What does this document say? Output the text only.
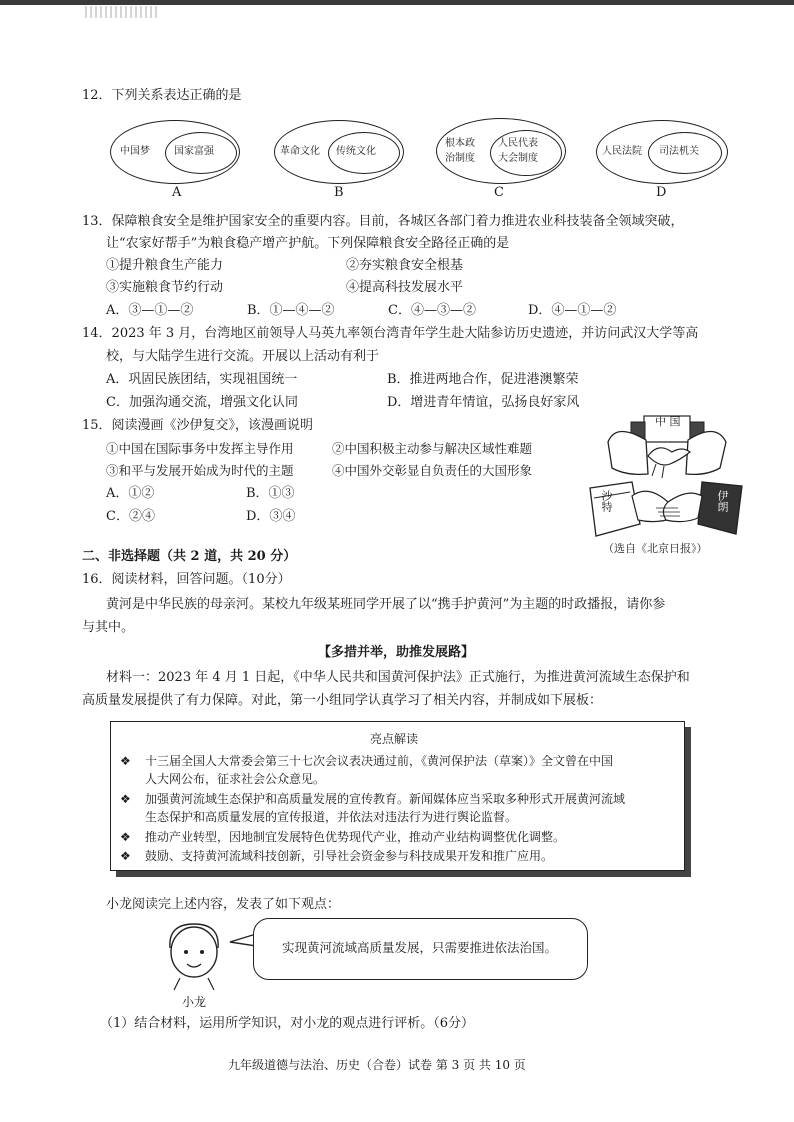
12．下列关系表达正确的是
中国梦 国家富强
A
革命文化 传统文化
B
根本政
治制度
人民代表
大会制度
C
人民法院 司法机关
D
13．保障粮食安全是维护国家安全的重要内容。目前，各城区各部门着力推进农业科技装备全领域突破，
让“农家好帮手”为粮食稳产增产护航。下列保障粮食安全路径正确的是
①提升粮食生产能力	②夯实粮食安全根基
③实施粮食节约行动	④提高科技发展水平
A．③—①—②	B．①—④—②	C．④—③—②	D．④—①—②
14．2023 年 3 月，台湾地区前领导人马英九率领台湾青年学生赴大陆参访历史遗迹，并访问武汉大学等高
校，与大陆学生进行交流。开展以上活动有利于
A．巩固民族团结，实现祖国统一	B．推进两地合作，促进港澳繁荣
C．加强沟通交流，增强文化认同	D．增进青年情谊，弘扬良好家风
15．阅读漫画《沙伊复交》，该漫画说明
①中国在国际事务中发挥主导作用	②中国积极主动参与解决区域性难题
③和平与发展开始成为时代的主题	④中国外交彰显自负责任的大国形象
A．①②	B．①③
C．②④	D．③④
中 国
沙特	伊朗
（选自《北京日报》）
二、非选择题（共 2 道，共 20 分）
16．阅读材料，回答问题。（10分）
黄河是中华民族的母亲河。某校九年级某班同学开展了以“携手护黄河”为主题的时政播报，请你参
与其中。
【多措并举，助推发展路】
材料一：2023 年 4 月 1 日起，《中华人民共和国黄河保护法》正式施行，为推进黄河流域生态保护和
高质量发展提供了有力保障。对此，第一小组同学认真学习了相关内容，并制成如下展板：
亮点解读
❖ 十三届全国人大常委会第三十七次会议表决通过前，《黄河保护法（草案）》全文曾在中国
人大网公布，征求社会公众意见。
❖ 加强黄河流域生态保护和高质量发展的宣传教育。新闻媒体应当采取多种形式开展黄河流域
生态保护和高质量发展的宣传报道，并依法对违法行为进行舆论监督。
❖ 推动产业转型，因地制宜发展特色优势现代产业，推动产业结构调整优化调整。
❖ 鼓励、支持黄河流域科技创新，引导社会资金参与科技成果开发和推广应用。
小龙阅读完上述内容，发表了如下观点：
小龙
实现黄河流域高质量发展，只需要推进依法治国。
（1）结合材料，运用所学知识，对小龙的观点进行评析。（6分）
九年级道德与法治、历史（合卷）试卷 第 3 页 共 10 页
